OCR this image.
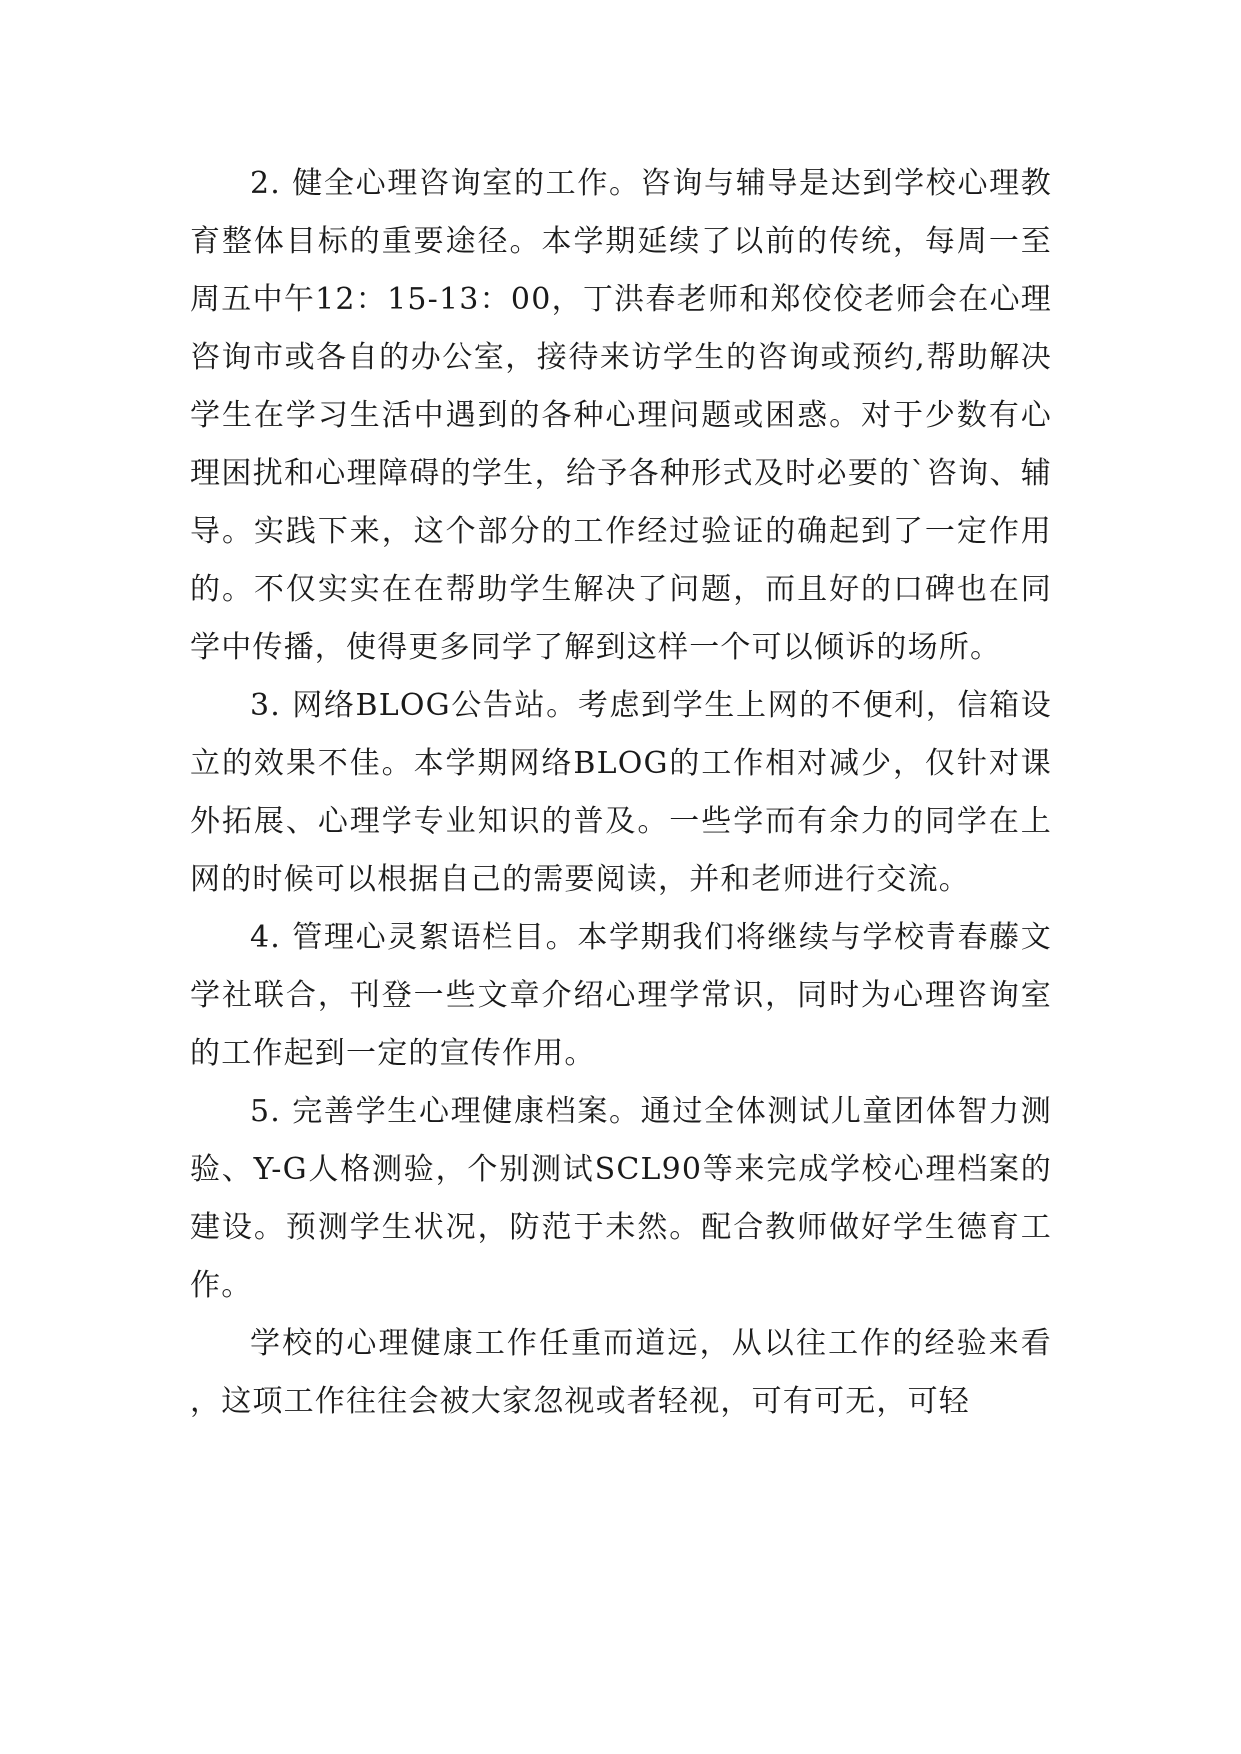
2. 健全心理咨询室的工作。咨询与辅导是达到学校心理教育整体目标的重要途径。本学期延续了以前的传统，每周一至周五中午12：15-13：00，丁洪春老师和郑佼佼老师会在心理咨询市或各自的办公室，接待来访学生的咨询或预约,帮助解决学生在学习生活中遇到的各种心理问题或困惑。对于少数有心理困扰和心理障碍的学生，给予各种形式及时必要的`咨询、辅导。实践下来，这个部分的工作经过验证的确起到了一定作用的。不仅实实在在帮助学生解决了问题，而且好的口碑也在同学中传播，使得更多同学了解到这样一个可以倾诉的场所。

3. 网络BLOG公告站。考虑到学生上网的不便利，信箱设立的效果不佳。本学期网络BLOG的工作相对减少，仅针对课外拓展、心理学专业知识的普及。一些学而有余力的同学在上网的时候可以根据自己的需要阅读，并和老师进行交流。

4. 管理心灵絮语栏目。本学期我们将继续与学校青春藤文学社联合，刊登一些文章介绍心理学常识，同时为心理咨询室的工作起到一定的宣传作用。

5. 完善学生心理健康档案。通过全体测试儿童团体智力测验、Y-G人格测验，个别测试SCL90等来完成学校心理档案的建设。预测学生状况，防范于未然。配合教师做好学生德育工作。

学校的心理健康工作任重而道远，从以往工作的经验来看，这项工作往往会被大家忽视或者轻视，可有可无，可轻
